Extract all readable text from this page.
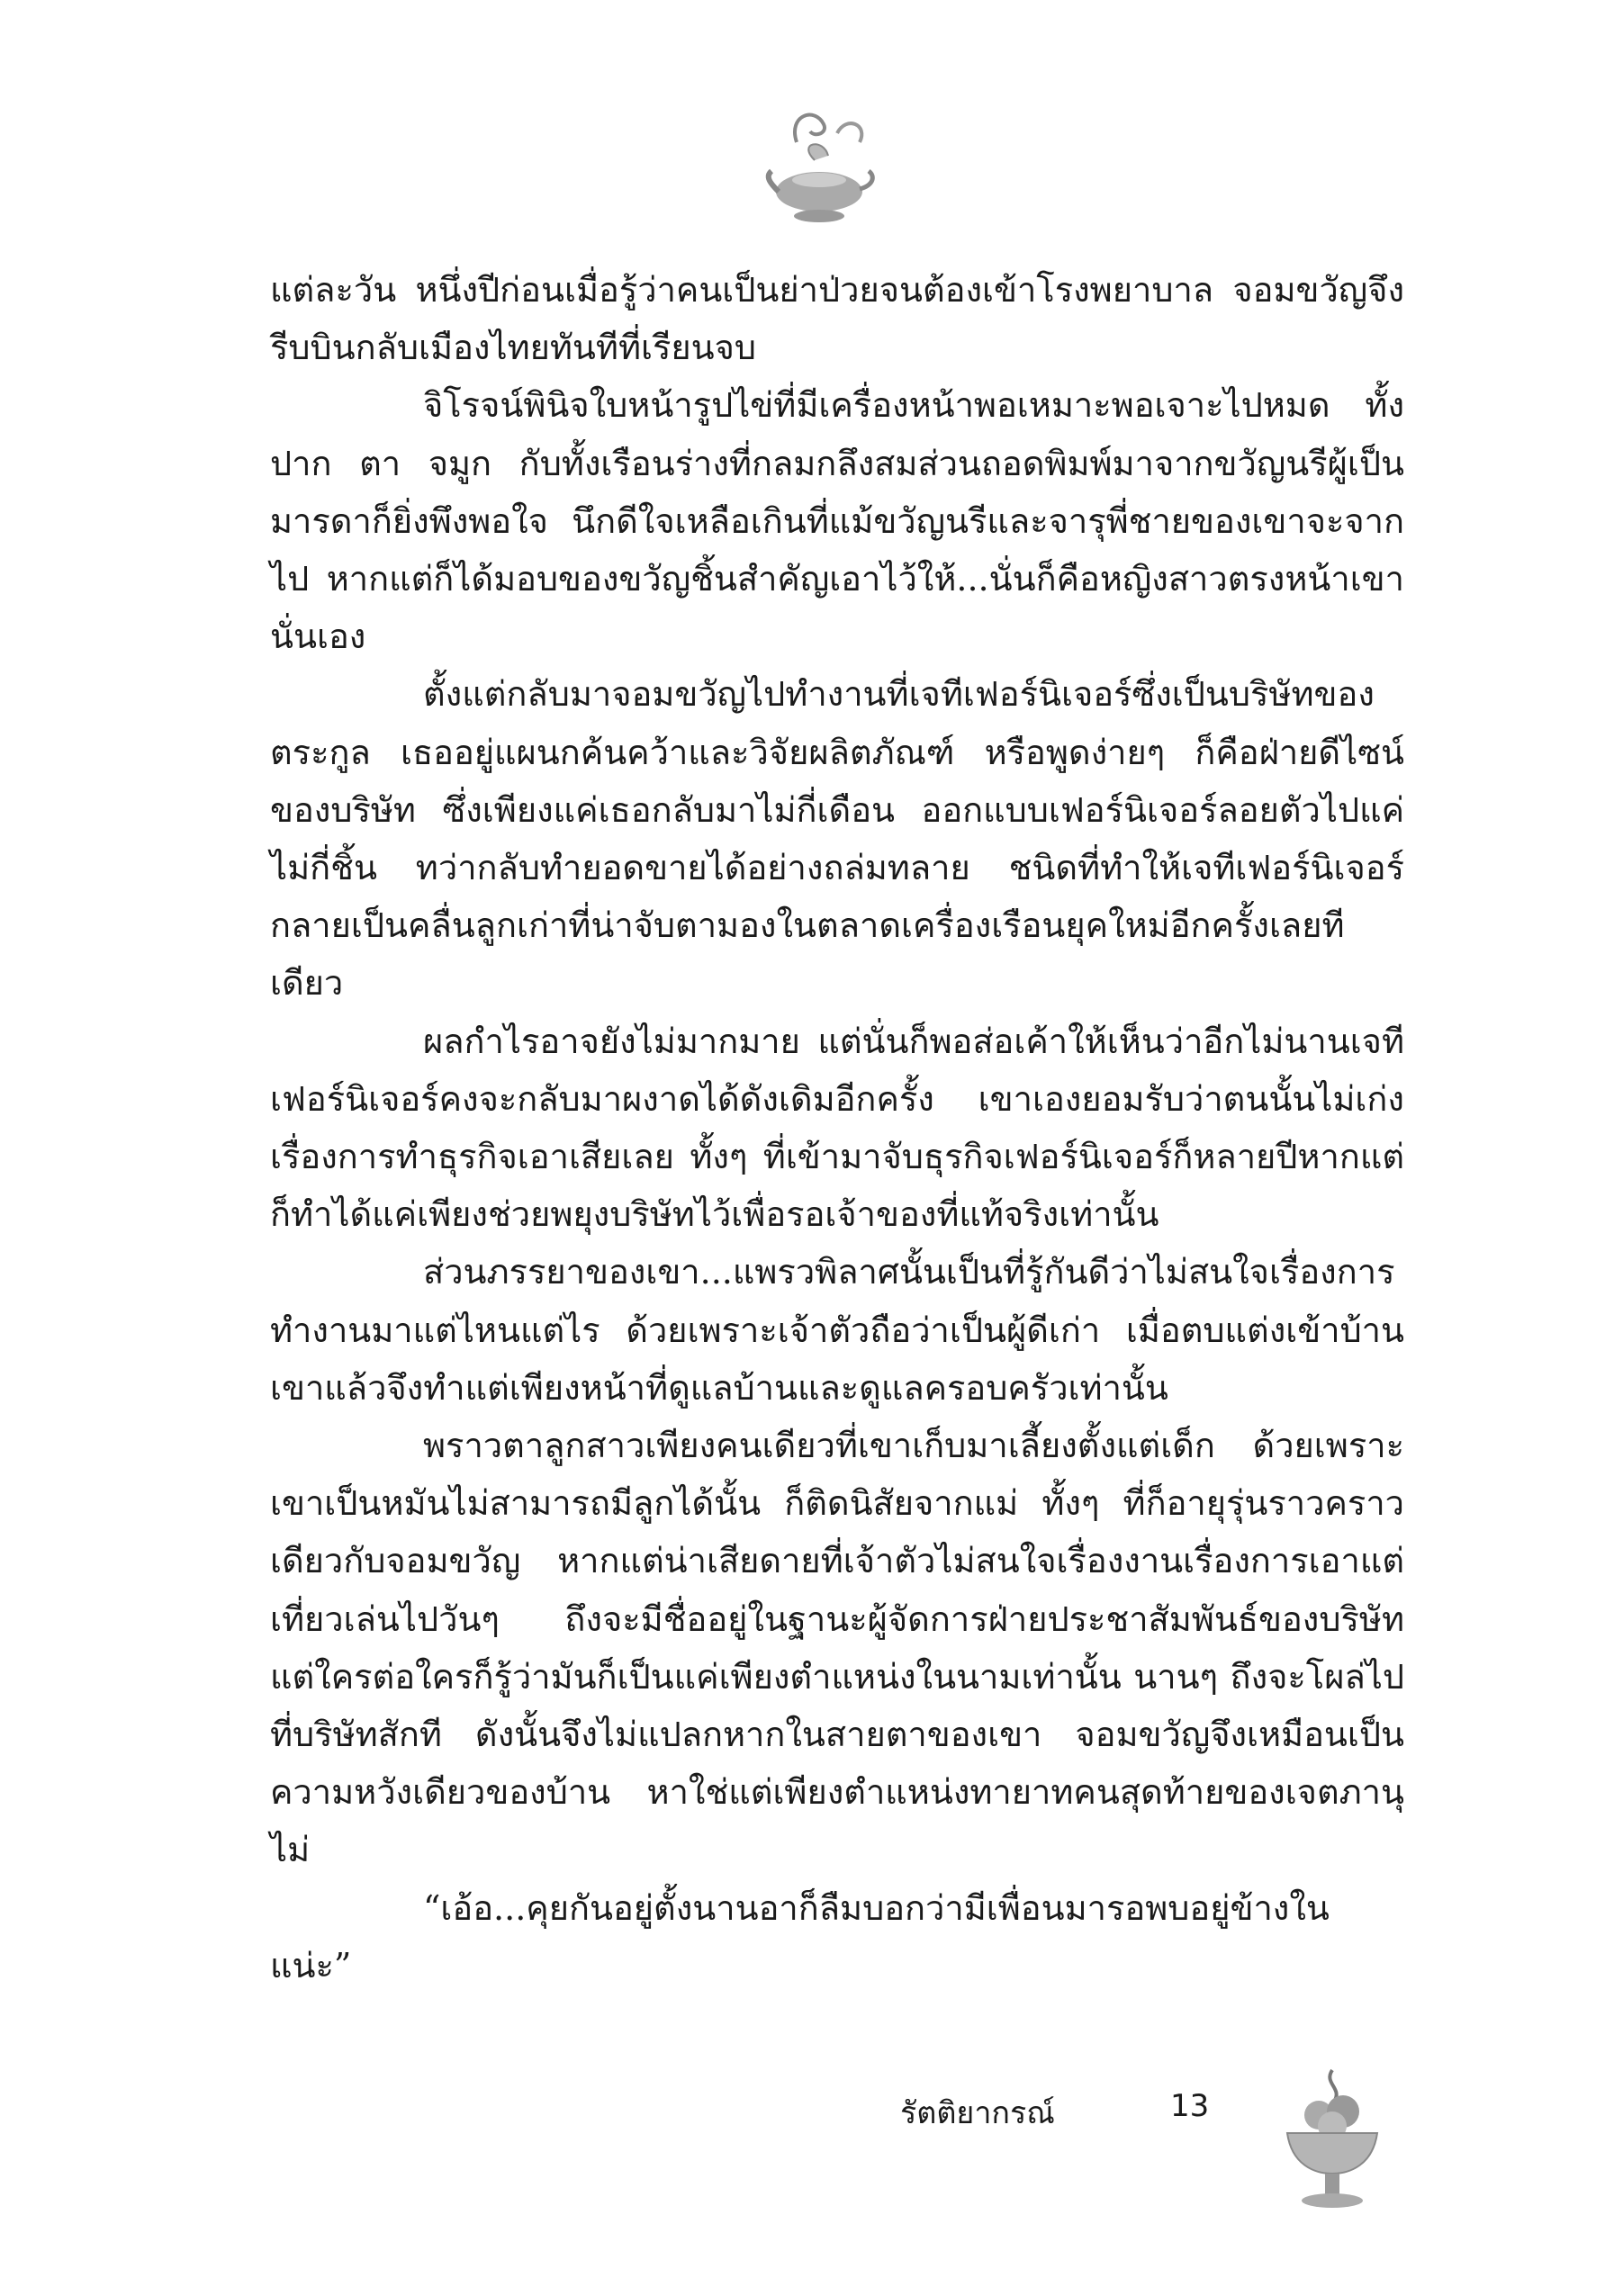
แต่ละวัน หนึ่งปีก่อนเมื่อรู้ว่าคนเป็นย่าป่วยจนต้องเข้าโรงพยาบาล จอมขวัญจึงรีบบินกลับเมืองไทยทันทีที่เรียนจบ

จิโรจน์พินิจใบหน้ารูปไข่ที่มีเครื่องหน้าพอเหมาะพอเจาะไปหมด ทั้งปาก ตา จมูก กับทั้งเรือนร่างที่กลมกลึงสมส่วนถอดพิมพ์มาจากขวัญนรีผู้เป็นมารดาก็ยิ่งพึงพอใจ นึกดีใจเหลือเกินที่แม้ขวัญนรีและจารุพี่ชายของเขาจะจากไป หากแต่ก็ได้มอบของขวัญชิ้นสำคัญเอาไว้ให้...นั่นก็คือหญิงสาวตรงหน้าเขานั่นเอง

ตั้งแต่กลับมาจอมขวัญไปทำงานที่เจทีเฟอร์นิเจอร์ซึ่งเป็นบริษัทของตระกูล เธออยู่แผนกค้นคว้าและวิจัยผลิตภัณฑ์ หรือพูดง่ายๆ ก็คือฝ่ายดีไซน์ของบริษัท ซึ่งเพียงแค่เธอกลับมาไม่กี่เดือน ออกแบบเฟอร์นิเจอร์ลอยตัวไปแค่ไม่กี่ชิ้น ทว่ากลับทำยอดขายได้อย่างถล่มทลาย ชนิดที่ทำให้เจทีเฟอร์นิเจอร์กลายเป็นคลื่นลูกเก่าที่น่าจับตามองในตลาดเครื่องเรือนยุคใหม่อีกครั้งเลยทีเดียว

ผลกำไรอาจยังไม่มากมาย แต่นั่นก็พอส่อเค้าให้เห็นว่าอีกไม่นานเจทีเฟอร์นิเจอร์คงจะกลับมาผงาดได้ดังเดิมอีกครั้ง เขาเองยอมรับว่าตนนั้นไม่เก่งเรื่องการทำธุรกิจเอาเสียเลย ทั้งๆ ที่เข้ามาจับธุรกิจเฟอร์นิเจอร์ก็หลายปีหากแต่ก็ทำได้แค่เพียงช่วยพยุงบริษัทไว้เพื่อรอเจ้าของที่แท้จริงเท่านั้น

ส่วนภรรยาของเขา...แพรวพิลาศนั้นเป็นที่รู้กันดีว่าไม่สนใจเรื่องการทำงานมาแต่ไหนแต่ไร ด้วยเพราะเจ้าตัวถือว่าเป็นผู้ดีเก่า เมื่อตบแต่งเข้าบ้านเขาแล้วจึงทำแต่เพียงหน้าที่ดูแลบ้านและดูแลครอบครัวเท่านั้น

พราวตาลูกสาวเพียงคนเดียวที่เขาเก็บมาเลี้ยงตั้งแต่เด็ก ด้วยเพราะเขาเป็นหมันไม่สามารถมีลูกได้นั้น ก็ติดนิสัยจากแม่ ทั้งๆ ที่ก็อายุรุ่นราวคราวเดียวกับจอมขวัญ หากแต่น่าเสียดายที่เจ้าตัวไม่สนใจเรื่องงานเรื่องการเอาแต่เที่ยวเล่นไปวันๆ ถึงจะมีชื่ออยู่ในฐานะผู้จัดการฝ่ายประชาสัมพันธ์ของบริษัท แต่ใครต่อใครก็รู้ว่ามันก็เป็นแค่เพียงตำแหน่งในนามเท่านั้น นานๆ ถึงจะโผล่ไปที่บริษัทสักที ดังนั้นจึงไม่แปลกหากในสายตาของเขา จอมขวัญจึงเหมือนเป็นความหวังเดียวของบ้าน หาใช่แต่เพียงตำแหน่งทายาทคนสุดท้ายของเจตภานุไม่

“เอ้อ...คุยกันอยู่ตั้งนานอาก็ลืมบอกว่ามีเพื่อนมารอพบอยู่ข้างในแน่ะ”

รัตติยากรณ์	13
